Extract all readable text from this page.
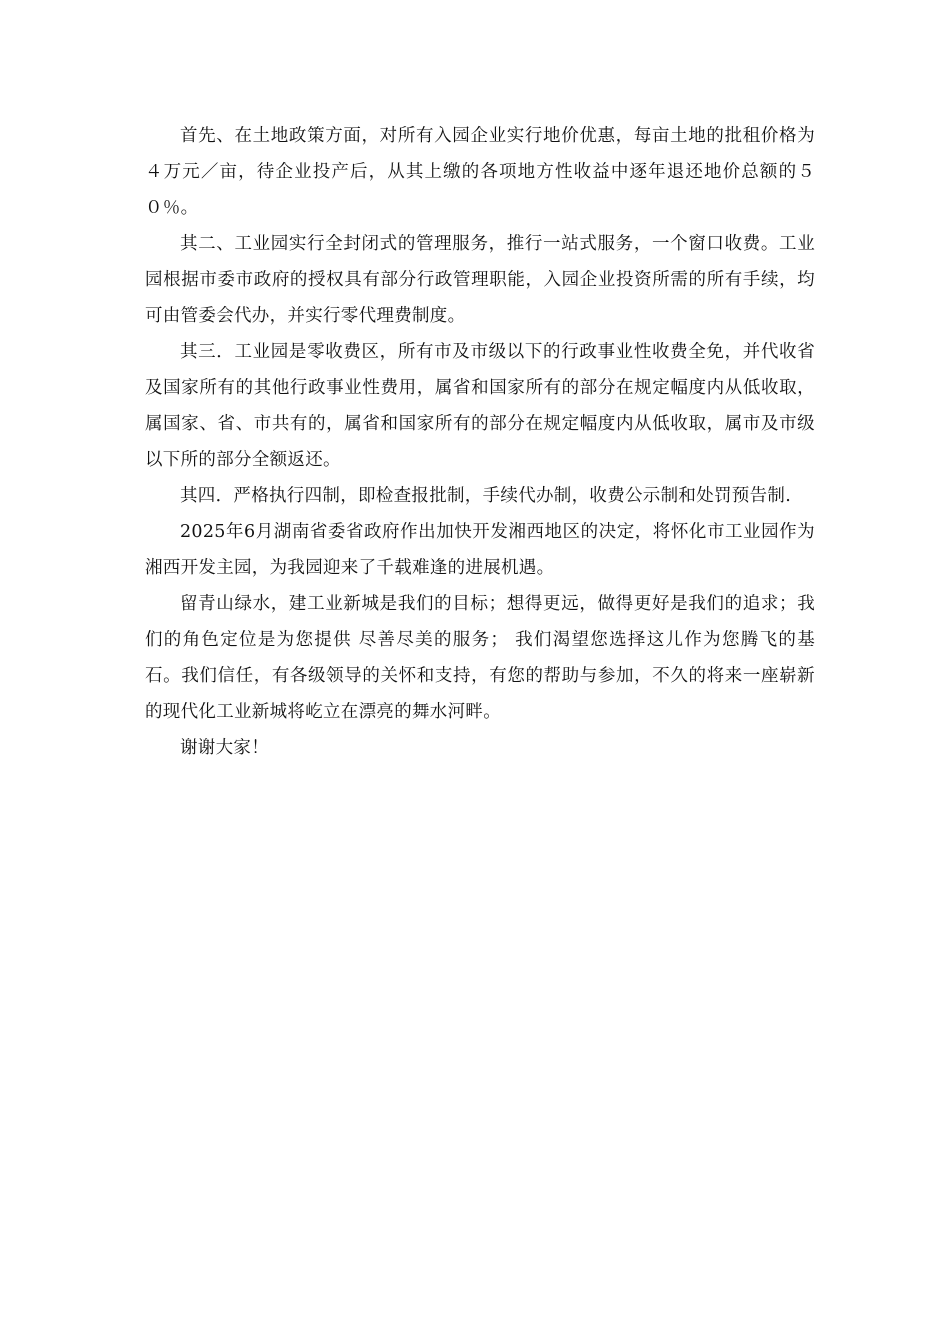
首先、在土地政策方面，对所有入园企业实行地价优惠，每亩土地的批租价格为４万元／亩，待企业投产后，从其上缴的各项地方性收益中逐年退还地价总额的５０％。

其二、工业园实行全封闭式的管理服务，推行一站式服务，一个窗口收费。工业园根据市委市政府的授权具有部分行政管理职能，入园企业投资所需的所有手续，均可由管委会代办，并实行零代理费制度。

其三．工业园是零收费区，所有市及市级以下的行政事业性收费全免，并代收省及国家所有的其他行政事业性费用，属省和国家所有的部分在规定幅度内从低收取，属国家、省、市共有的，属省和国家所有的部分在规定幅度内从低收取，属市及市级以下所的部分全额返还。

其四．严格执行四制，即检查报批制，手续代办制，收费公示制和处罚预告制.

2025年6月湖南省委省政府作出加快开发湘西地区的决定，将怀化市工业园作为湘西开发主园，为我园迎来了千载难逢的进展机遇。

留青山绿水，建工业新城是我们的目标；想得更远，做得更好是我们的追求；我们的角色定位是为您提供 尽善尽美的服务； 我们渴望您选择这儿作为您腾飞的基石。我们信任，有各级领导的关怀和支持，有您的帮助与参加，不久的将来一座崭新的现代化工业新城将屹立在漂亮的舞水河畔。

谢谢大家！
